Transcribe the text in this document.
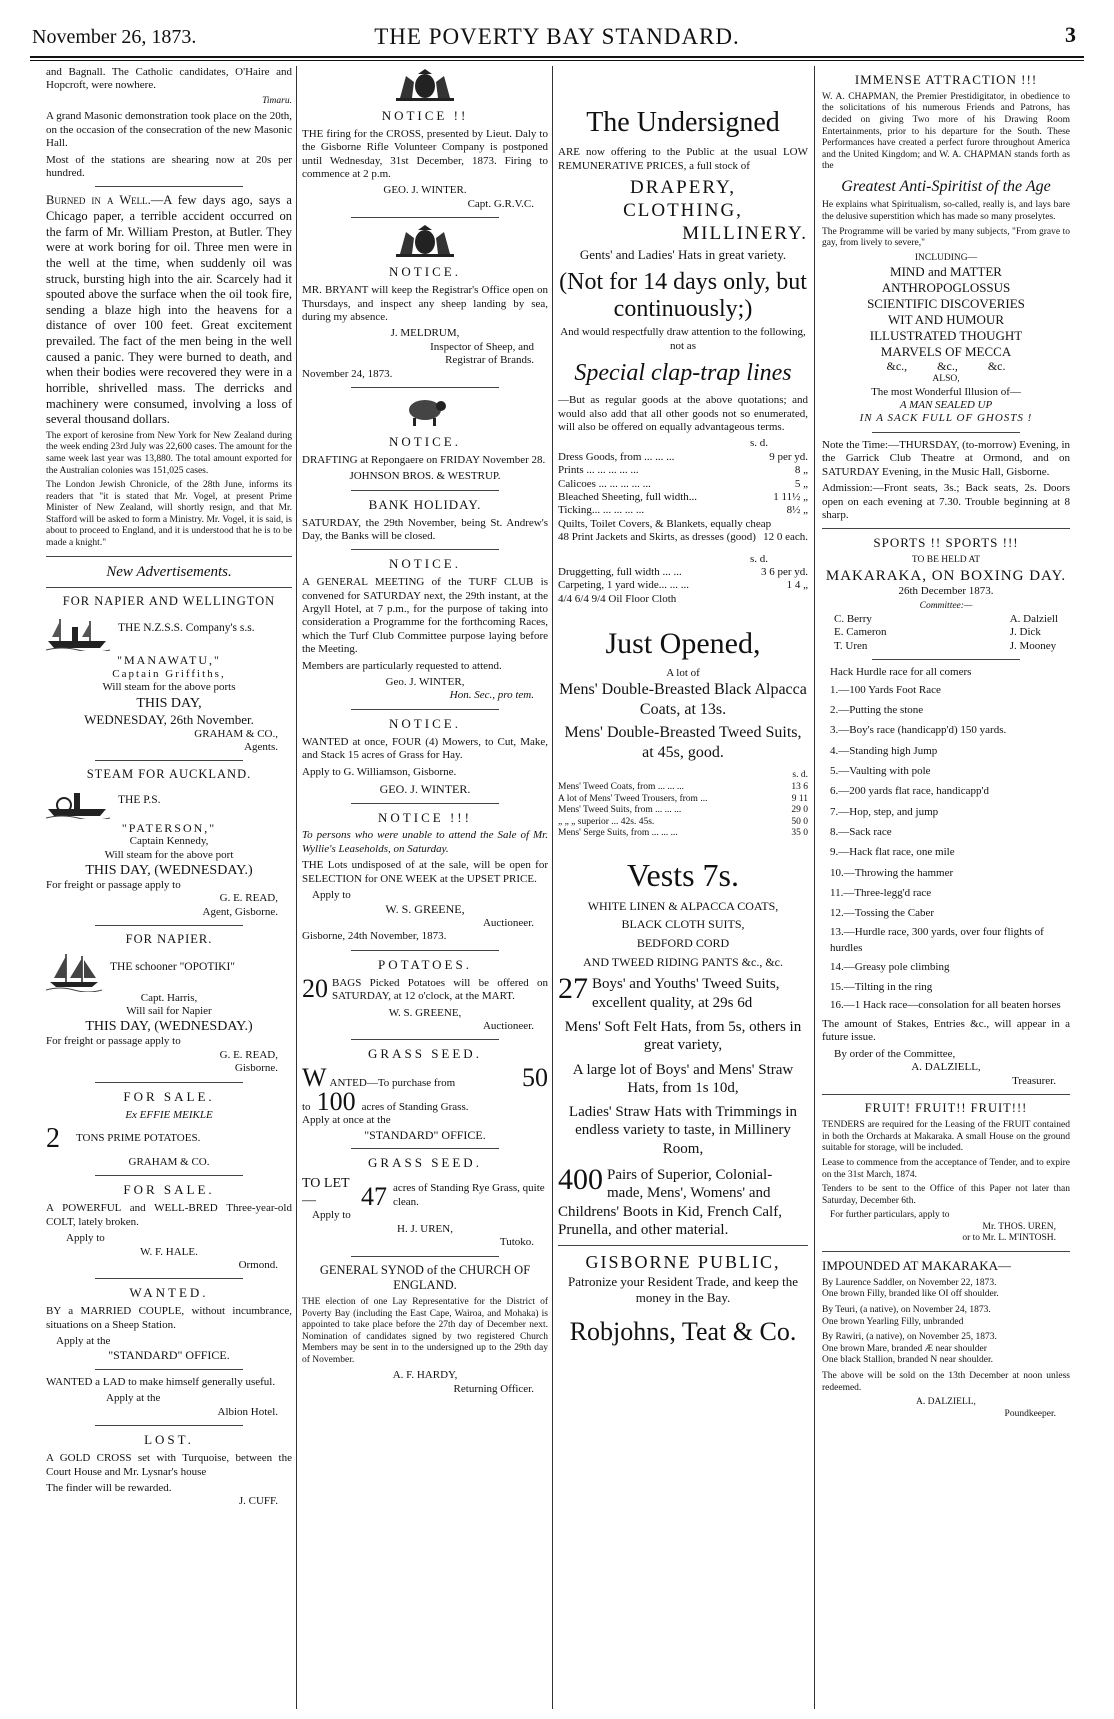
November 26, 1873.	THE POVERTY BAY STANDARD.	3

and Bagnall. The Catholic candidates, O'Haire and Hopcroft, were nowhere.

Timaru.

A grand Masonic demonstration took place on the 20th, on the occasion of the consecration of the new Masonic Hall.

Most of the stations are shearing now at 20s per hundred.

Burned in a Well.—A few days ago, says a Chicago paper, a terrible accident occurred on the farm of Mr. William Preston, at Butler. They were at work boring for oil. Three men were in the well at the time, when suddenly oil was struck, bursting high into the air. Scarcely had it spouted above the surface when the oil took fire, sending a blaze high into the heavens for a distance of over 100 feet. Great excitement prevailed. The fact of the men being in the well caused a panic. They were burned to death, and when their bodies were recovered they were in a horrible, shrivelled mass. The derricks and machinery were consumed, involving a loss of several thousand dollars.

The export of kerosine from New York for New Zealand during the week ending 23rd July was 22,600 cases. The amount for the same week last year was 13,880. The total amount exported for the Australian colonies was 151,025 cases.

The London Jewish Chronicle, of the 28th June, informs its readers that "it is stated that Mr. Vogel, at present Prime Minister of New Zealand, will shortly resign, and that Mr. Stafford will be asked to form a Ministry. Mr. Vogel, it is said, is about to proceed to England, and it is understood that he is to be made a knight."

New Advertisements.
FOR NAPIER AND WELLINGTON
THE N.Z.S.S. Company's s.s.
"MANAWATU,"
Captain Griffiths,
Will steam for the above ports
THIS DAY,
WEDNESDAY, 26th November.
GRAHAM & CO.,
Agents.
STEAM FOR AUCKLAND.
THE P.S.
"PATERSON,"
Captain Kennedy,
Will steam for the above port
THIS DAY, (WEDNESDAY.)
For freight or passage apply to
G. E. READ,
Agent, Gisborne.
FOR NAPIER.
THE schooner "OPOTIKI"
Capt. Harris,
Will sail for Napier
THIS DAY, (WEDNESDAY.)
For freight or passage apply to
G. E. READ,
Gisborne.
FOR SALE.
Ex EFFIE MEIKLE
2	TONS PRIME POTATOES.
GRAHAM & CO.
FOR SALE.

A POWERFUL and WELL-BRED Three-year-old COLT, lately broken.

Apply to
W. F. HALE.
Ormond.
WANTED.

BY a MARRIED COUPLE, without incumbrance, situations on a Sheep Station.

Apply at the
"STANDARD" OFFICE.

WANTED a LAD to make himself generally useful.

Apply at the
Albion Hotel.
LOST.

A GOLD CROSS set with Turquoise, between the Court House and Mr. Lysnar's house

The finder will be rewarded.
J. CUFF.
NOTICE !!

THE firing for the CROSS, presented by Lieut. Daly to the Gisborne Rifle Volunteer Company is postponed until Wednesday, 31st December, 1873. Firing to commence at 2 p.m.

GEO. J. WINTER.
Capt. G.R.V.C.
NOTICE.

MR. BRYANT will keep the Registrar's Office open on Thursdays, and inspect any sheep landing by sea, during my absence.

J. MELDRUM,
Inspector of Sheep, and
Registrar of Brands.
November 24, 1873.
NOTICE.

DRAFTING at Repongaere on FRIDAY November 28.

JOHNSON BROS. & WESTRUP.
BANK HOLIDAY.

SATURDAY, the 29th November, being St. Andrew's Day, the Banks will be closed.

NOTICE.

A GENERAL MEETING of the TURF CLUB is convened for SATURDAY next, the 29th instant, at the Argyll Hotel, at 7 p.m., for the purpose of taking into consideration a Programme for the forthcoming Races, which the Turf Club Committee purpose laying before the Meeting.

Members are particularly requested to attend.

Geo. J. WINTER,
Hon. Sec., pro tem.
NOTICE.

WANTED at once, FOUR (4) Mowers, to Cut, Make, and Stack 15 acres of Grass for Hay.

Apply to G. Williamson, Gisborne.

GEO. J. WINTER.
NOTICE !!!

To persons who were unable to attend the Sale of Mr. Wyllie's Leaseholds, on Saturday.

THE Lots undisposed of at the sale, will be open for SELECTION for ONE WEEK at the UPSET PRICE.

Apply to
W. S. GREENE,
Auctioneer.
Gisborne, 24th November, 1873.
POTATOES.

20 BAGS Picked Potatoes will be offered on SATURDAY, at 12 o'clock, at the MART.

W. S. GREENE,
Auctioneer.
GRASS SEED.
W ANTED—To purchase from	50
to 100 acres of Standing Grass.
Apply at once at the
"STANDARD" OFFICE.
GRASS SEED.
TO LET—	47 acres of Standing Rye Grass, quite clean.
Apply to
H. J. UREN,
Tutoko.
GENERAL SYNOD of the CHURCH OF ENGLAND.

THE election of one Lay Representative for the District of Poverty Bay (including the East Cape, Wairoa, and Mohaka) is appointed to take place before the 27th day of December next. Nomination of candidates signed by two registered Church Members may be sent in to the undersigned up to the 29th day of November.

A. F. HARDY,
Returning Officer.
The Undersigned

ARE now offering to the Public at the usual LOW REMUNERATIVE PRICES, a full stock of

DRAPERY,
CLOTHING,
MILLINERY.
Gents' and Ladies' Hats in great variety.
(Not for 14 days only, but continuously;)
And would respectfully draw attention to the following, not as
Special clap-trap lines

—But as regular goods at the above quotations; and would also add that all other goods not so enumerated, will also be offered on equally advantageous terms.

	s. d.
Dress Goods, from ... ... ...	9 per yd.
Prints ... ... ... ... ...	8 „
Calicoes ... ... ... ... ...	5 „
Bleached Sheeting, full width...	1 11½ „
Ticking... ... ... ... ...	8½ „
Quilts, Toilet Covers, & Blankets, equally cheap
48 Print Jackets and Skirts, as dresses (good)	12 0 each.
	s. d.
Druggetting, full width ... ...	3 6 per yd.
Carpeting, 1 yard wide... ... ...	1 4 „
4/4 6/4 9/4 Oil Floor Cloth	
Just Opened,
A lot of
Mens' Double-Breasted Black Alpacca Coats, at 13s.
Mens' Double-Breasted Tweed Suits, at 45s, good.
	s. d.
Mens' Tweed Coats, from ... ... ...	13 6
A lot of Mens' Tweed Trousers, from ...	9 11
Mens' Tweed Suits, from ... ... ...	29 0
„ „ „ superior ... 42s. 45s.	50 0
Mens' Serge Suits, from ... ... ...	35 0
Vests 7s.
WHITE LINEN & ALPACCA COATS,
BLACK CLOTH SUITS,
BEDFORD CORD
AND TWEED RIDING PANTS &c., &c.

27 Boys' and Youths' Tweed Suits, excellent quality, at 29s 6d

Mens' Soft Felt Hats, from 5s, others in great variety,
A large lot of Boys' and Mens' Straw Hats, from 1s 10d,
Ladies' Straw Hats with Trimmings in endless variety to taste, in Millinery Room,

400 Pairs of Superior, Colonial-made, Mens', Womens' and Childrens' Boots in Kid, French Calf, Prunella, and other material.

GISBORNE PUBLIC,
Patronize your Resident Trade, and keep the money in the Bay.
Robjohns, Teat & Co.
IMMENSE ATTRACTION !!!

W. A. CHAPMAN, the Premier Prestidigitator, in obedience to the solicitations of his numerous Friends and Patrons, has decided on giving Two more of his Drawing Room Entertainments, prior to his departure for the South. These Performances have created a perfect furore throughout America and the United Kingdom; and W. A. CHAPMAN stands forth as the

Greatest Anti-Spiritist of the Age

He explains what Spiritualism, so-called, really is, and lays bare the delusive superstition which has made so many proselytes.

The Programme will be varied by many subjects, "From grave to gay, from lively to severe,"

INCLUDING—
MIND and MATTER
ANTHROPOGLOSSUS
SCIENTIFIC DISCOVERIES
WIT AND HUMOUR
ILLUSTRATED THOUGHT
MARVELS OF MECCA
&c.,          &c.,          &c.
ALSO,
The most Wonderful Illusion of—
A MAN SEALED UP
IN A SACK FULL OF GHOSTS !

Note the Time:—THURSDAY, (to-morrow) Evening, in the Garrick Club Theatre at Ormond, and on SATURDAY Evening, in the Music Hall, Gisborne.

Admission:—Front seats, 3s.; Back seats, 2s. Doors open on each evening at 7.30. Trouble beginning at 8 sharp.

SPORTS !! SPORTS !!!
TO BE HELD AT
MAKARAKA, ON BOXING DAY.
26th December 1873.
Committee:—
C. Berry
E. Cameron
T. Uren
A. Dalziell
J. Dick
J. Mooney
Hack Hurdle race for all comers
1.—100 Yards Foot Race
2.—Putting the stone
3.—Boy's race (handicapp'd) 150 yards.
4.—Standing high Jump
5.—Vaulting with pole
6.—200 yards flat race, handicapp'd
7.—Hop, step, and jump
8.—Sack race
9.—Hack flat race, one mile
10.—Throwing the hammer
11.—Three-legg'd race
12.—Tossing the Caber
13.—Hurdle race, 300 yards, over four flights of hurdles
14.—Greasy pole climbing
15.—Tilting in the ring
16.—1 Hack race—consolation for all beaten horses

The amount of Stakes, Entries &c., will appear in a future issue.

By order of the Committee,
A. DALZIELL,
Treasurer.
FRUIT! FRUIT!! FRUIT!!!

TENDERS are required for the Leasing of the FRUIT contained in both the Orchards at Makaraka. A small House on the ground suitable for storage, will be included.

Lease to commence from the acceptance of Tender, and to expire on the 31st March, 1874.

Tenders to be sent to the Office of this Paper not later than Saturday, December 6th.

For further particulars, apply to
Mr. THOS. UREN,
or to Mr. L. M'INTOSH.
IMPOUNDED AT MAKARAKA—
By Laurence Saddler, on November 22, 1873.
One brown Filly, branded like OI off shoulder.
By Teuri, (a native), on November 24, 1873.
One brown Yearling Filly, unbranded
By Rawiri, (a native), on November 25, 1873.
One brown Mare, branded Æ near shoulder
One black Stallion, branded N near shoulder.

The above will be sold on the 13th December at noon unless redeemed.

A. DALZIELL,
Poundkeeper.
